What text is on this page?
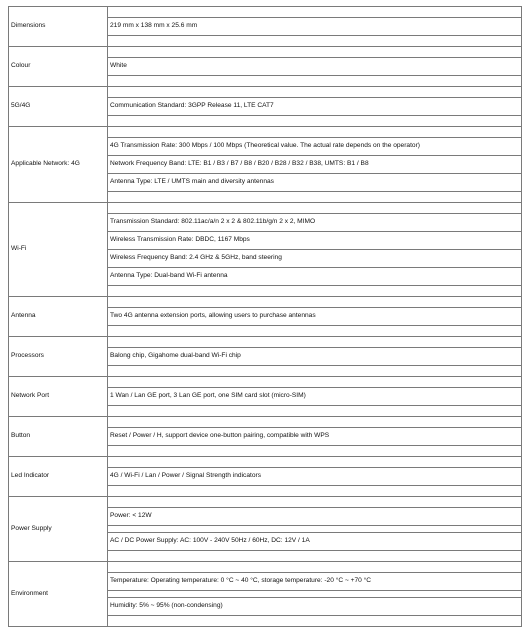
Dimensions	
	219 mm x 138 mm x 25.6 mm

Colour	
	White

5G/4G	
	Communication Standard: 3GPP Release 11, LTE CAT7

Applicable Network: 4G	
	4G Transmission Rate: 300 Mbps / 100 Mbps (Theoretical value. The actual rate depends on the operator)
	Network Frequency Band: LTE: B1 / B3 / B7 / B8 / B20 / B28 / B32 / B38, UMTS: B1 / B8
	Antenna Type: LTE / UMTS main and diversity antennas

Wi-Fi	
	Transmission Standard: 802.11ac/a/n 2 x 2 & 802.11b/g/n 2 x 2, MIMO
	Wireless Transmission Rate: DBDC, 1167 Mbps
	Wireless Frequency Band: 2.4 GHz & 5GHz, band steering
	Antenna Type: Dual-band Wi-Fi antenna

Antenna	
	Two 4G antenna extension ports, allowing users to purchase antennas

Processors	
	Balong chip, Gigahome dual-band Wi-Fi chip

Network Port	
	1 Wan / Lan GE port, 3 Lan GE port, one SIM card slot (micro-SIM)

Button	
	Reset / Power / H, support device one-button pairing, compatible with WPS

Led Indicator	
	4G / Wi-Fi / Lan / Power / Signal Strength indicators

Power Supply	
	Power: < 12W

	AC / DC Power Supply: AC: 100V - 240V 50Hz / 60Hz, DC: 12V / 1A

Environment	
	Temperature: Operating temperature: 0 °C ~ 40 °C, storage temperature: -20 °C ~ +70 °C

	Humidity: 5% ~ 95% (non-condensing)
